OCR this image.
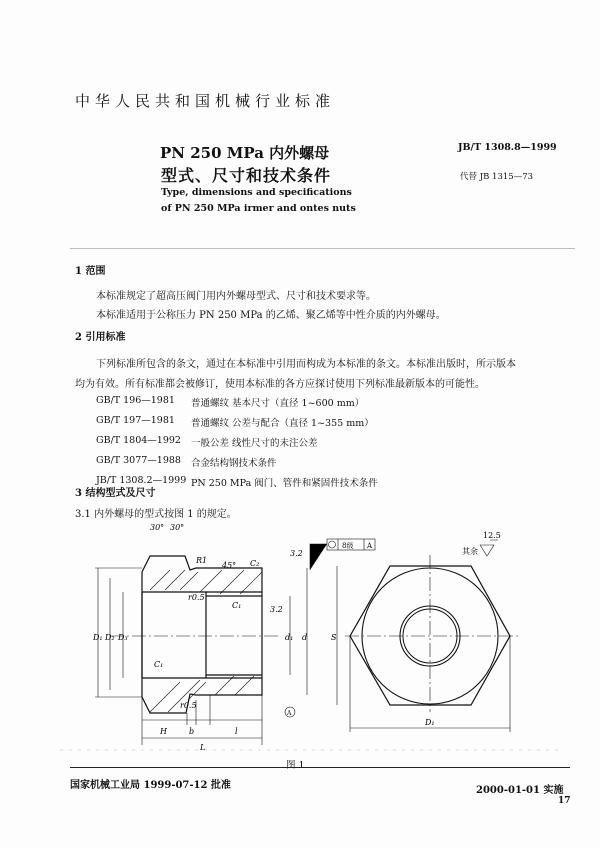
中华人民共和国机械行业标准
PN 250 MPa 内外螺母
型式、尺寸和技术条件
Type, dimensions and specifications
of PN 250 MPa irmer and ontes nuts
JB/T 1308.8—1999
代替 JB 1315—73
1 范围
本标准规定了超高压阀门用内外螺母型式、尺寸和技术要求等。
本标准适用于公称压力 PN 250 MPa 的乙烯、聚乙烯等中性介质的内外螺母。
2 引用标准
下列标准所包含的条文，通过在本标准中引用而构成为本标准的条文。本标准出版时，所示版本
均为有效。所有标准都会被修订，使用本标准的各方应探讨使用下列标准最新版本的可能性。
GB/T 196—1981 普通螺纹 基本尺寸（直径 1~600 mm）
GB/T 197—1981 普通螺纹 公差与配合（直径 1~355 mm）
GB/T 1804—1992 一般公差 线性尺寸的未注公差
GB/T 3077—1988 合金结构钢技术条件
JB/T 1308.2—1999 PN 250 MPa 阀门、管件和紧固件技术条件
3 结构型式及尺寸
3.1 内外螺母的型式按图 1 的规定。
30° 30°
R1
45° C₂
C₁
C₁
r0.5
r0.5
3.2
3.2
D₁ D₂ D₃	d₁ d
A
H	b	l
L
S
D₁
8级 A
其余
12.5
图 1
国家机械工业局 1999-07-12 批准	2000-01-01 实施
17
